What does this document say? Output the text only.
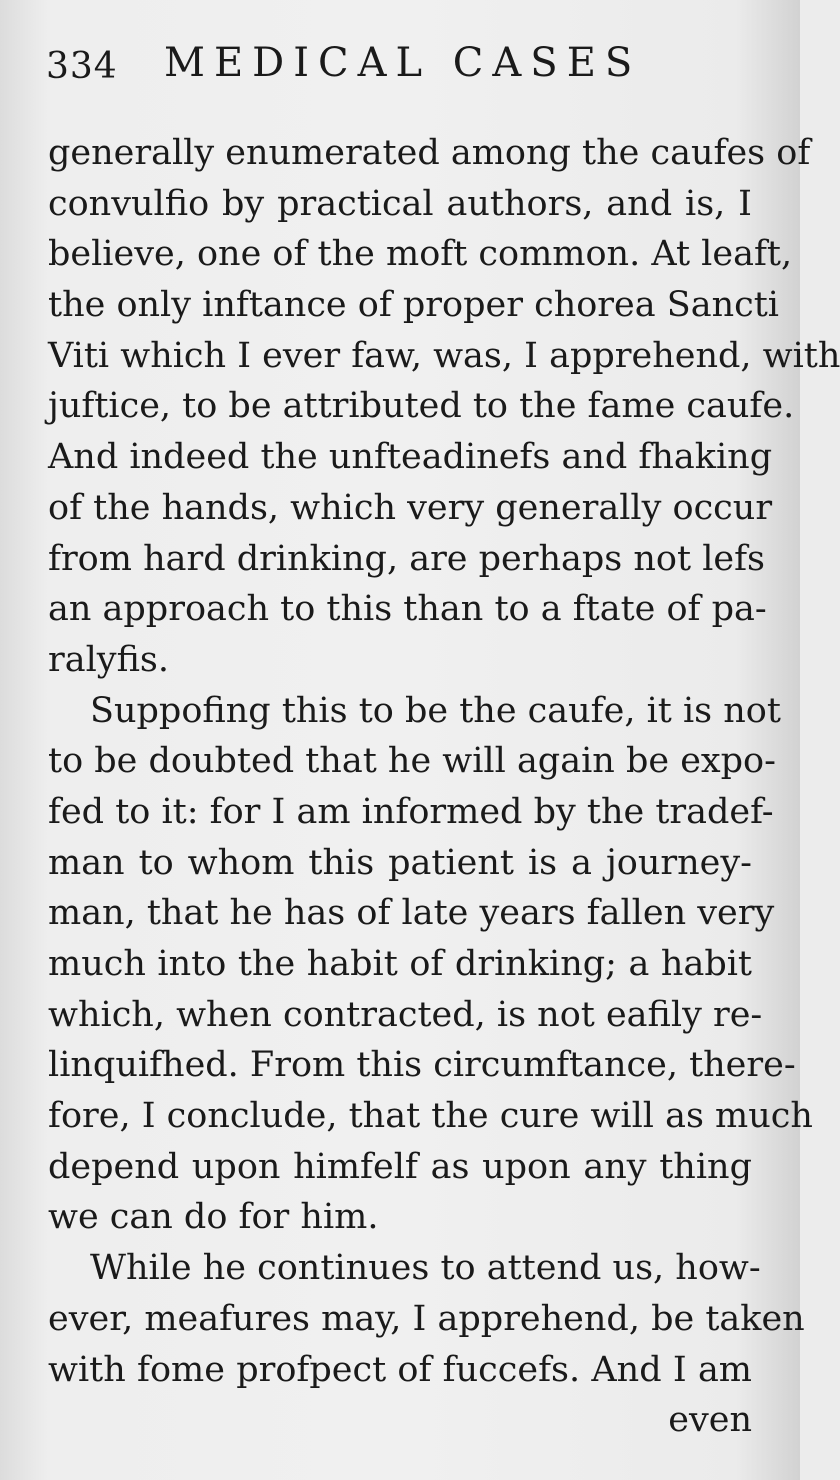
334 MEDICAL CASES
generally enumerated among the caufes of
convulfio by practical authors, and is, I
believe, one of the moft common. At leaft,
the only inftance of proper chorea Sancti
Viti which I ever faw, was, I apprehend, with
juftice, to be attributed to the fame caufe.
And indeed the unfteadinefs and fhaking
of the hands, which very generally occur
from hard drinking, are perhaps not lefs
an approach to this than to a ftate of pa-
ralyfis.
Suppofing this to be the caufe, it is not
to be doubted that he will again be expo-
fed to it: for I am informed by the tradef-
man to whom this patient is a journey-
man, that he has of late years fallen very
much into the habit of drinking; a habit
which, when contracted, is not eafily re-
linquifhed. From this circumftance, there-
fore, I conclude, that the cure will as much
depend upon himfelf as upon any thing
we can do for him.
While he continues to attend us, how-
ever, meafures may, I apprehend, be taken
with fome profpect of fuccefs. And I am
even
